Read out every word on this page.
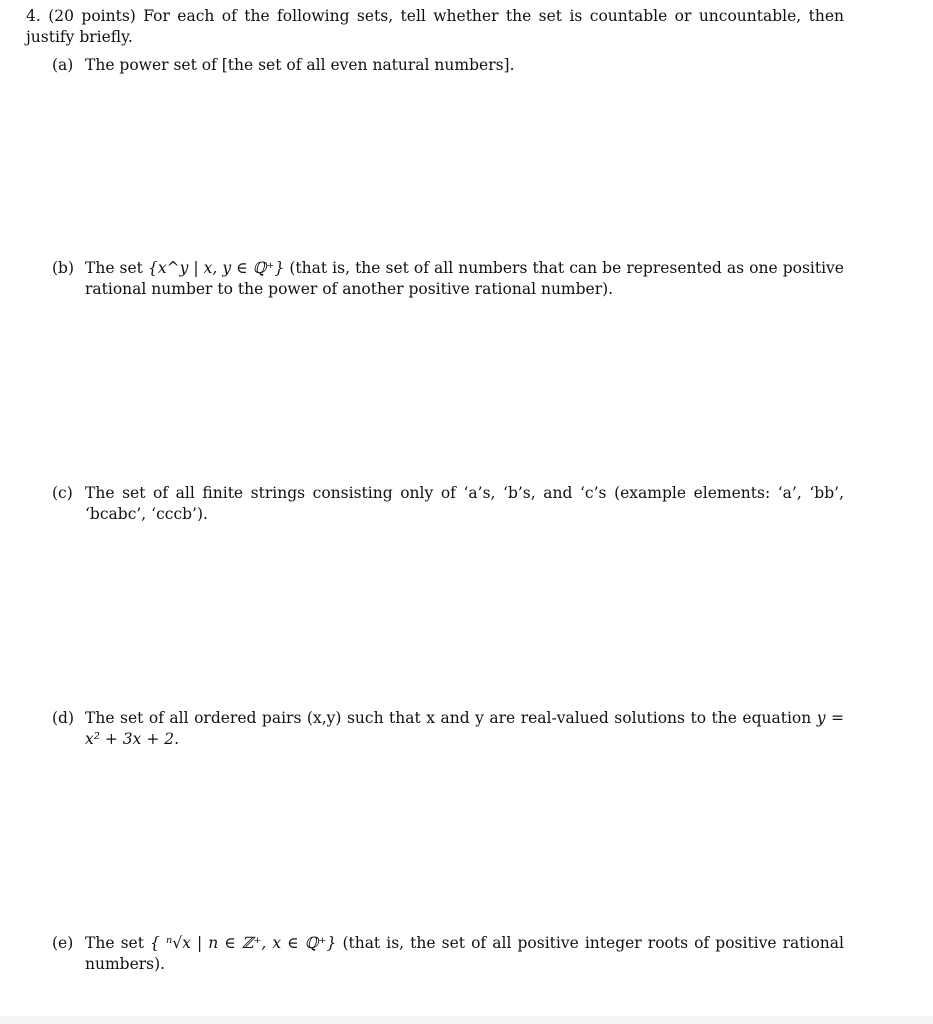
4. (20 points) For each of the following sets, tell whether the set is countable or uncountable, then justify briefly.
(a) The power set of [the set of all even natural numbers].
(b) The set {x^y | x, y ∈ ℚ⁺} (that is, the set of all numbers that can be represented as one positive rational number to the power of another positive rational number).
(c) The set of all finite strings consisting only of ‘a’s, ‘b’s, and ‘c’s (example elements: ‘a’, ‘bb’, ‘bcabc’, ‘cccb’).
(d) The set of all ordered pairs (x,y) such that x and y are real-valued solutions to the equation y = x² + 3x + 2.
(e) The set { ⁿ√x | n ∈ ℤ⁺, x ∈ ℚ⁺} (that is, the set of all positive integer roots of positive rational numbers).
